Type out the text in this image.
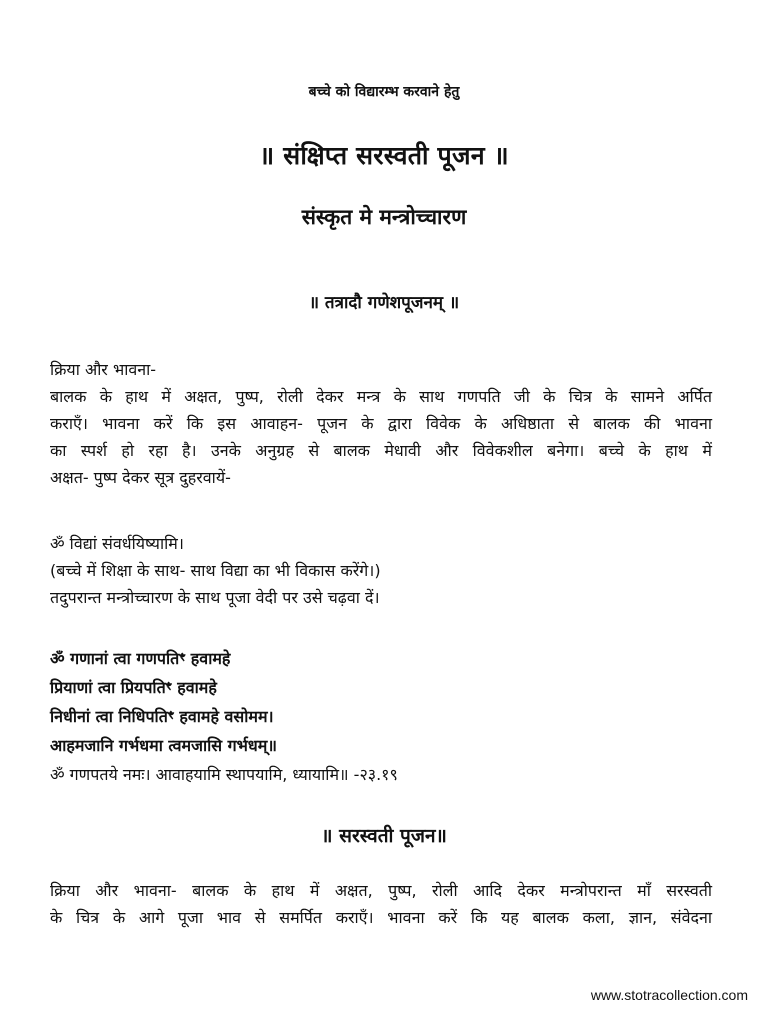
बच्चे को विद्यारम्भ करवाने हेतु
॥ संक्षिप्त सरस्वती पूजन ॥
संस्कृत मे मन्त्रोच्चारण
॥ तत्रादौ गणेशपूजनम् ॥
क्रिया और भावना-
बालक के हाथ में अक्षत, पुष्प, रोली देकर मन्त्र के साथ गणपति जी के चित्र के सामने अर्पित
कराएँ। भावना करें कि इस आवाहन- पूजन के द्वारा विवेक के अधिष्ठाता से बालक की भावना
का स्पर्श हो रहा है। उनके अनुग्रह से बालक मेधावी और विवेकशील बनेगा। बच्चे के हाथ में
अक्षत- पुष्प देकर सूत्र दुहरवायें-
ॐ विद्यां संवर्धयिष्यामि।
(बच्चे में शिक्षा के साथ- साथ विद्या का भी विकास करेंगे।)
तदुपरान्त मन्त्रोच्चारण के साथ पूजा वेदी पर उसे चढ़वा दें।
ॐ गणानां त्वा गणपतिꣳ हवामहे
प्रियाणां त्वा प्रियपतिꣳ हवामहे
निधीनां त्वा निधिपतिꣳ हवामहे वसोमम।
आहमजानि गर्भधमा त्वमजासि गर्भधम्॥
ॐ गणपतये नमः। आवाहयामि स्थापयामि, ध्यायामि॥ -२३.१९
॥ सरस्वती पूजन॥
क्रिया और भावना- बालक के हाथ में अक्षत, पुष्प, रोली आदि देकर मन्त्रोपरान्त माँ सरस्वती
के चित्र के आगे पूजा भाव से समर्पित कराएँ। भावना करें कि यह बालक कला, ज्ञान, संवेदना
www.stotracollection.com
